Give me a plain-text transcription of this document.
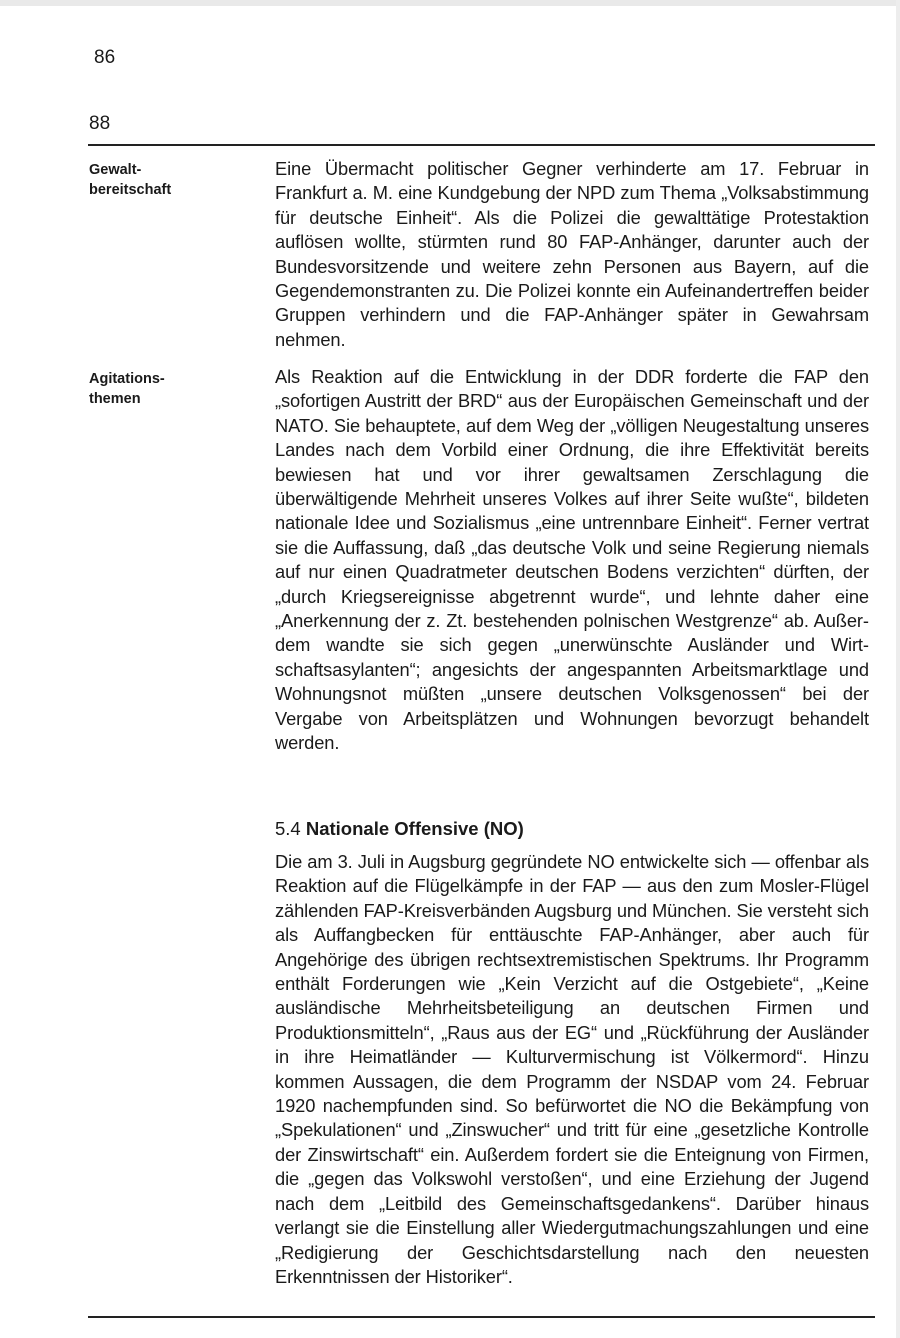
86
88
Gewalt-
bereitschaft
Agitations-
themen

Eine Übermacht politischer Gegner verhinderte am 17. Februar in Frankfurt a. M. eine Kundgebung der NPD zum Thema „Volksabstimmung für deutsche Einheit“. Als die Polizei die gewalttätige Protestaktion auflösen wollte, stürmten rund 80 FAP-Anhänger, darunter auch der Bundesvorsitzende und weitere zehn Personen aus Bayern, auf die Gegendemonstranten zu. Die Polizei konnte ein Aufeinandertreffen beider Gruppen verhindern und die FAP-Anhänger später in Gewahrsam nehmen.

Als Reaktion auf die Entwicklung in der DDR forderte die FAP den „sofortigen Austritt der BRD“ aus der Europäischen Gemeinschaft und der NATO. Sie behauptete, auf dem Weg der „völligen Neugestaltung unseres Landes nach dem Vorbild einer Ordnung, die ihre Effektivität bereits bewiesen hat und vor ihrer gewaltsamen Zerschlagung die überwältigende Mehrheit unseres Volkes auf ihrer Seite wußte“, bildeten nationale Idee und Sozialismus „eine untrennbare Einheit“. Ferner vertrat sie die Auffassung, daß „das deutsche Volk und seine Regierung niemals auf nur einen Quadratmeter deutschen Bodens verzichten“ dürften, der „durch Kriegsereignisse abgetrennt wurde“, und lehnte daher eine „Anerkennung der z. Zt. bestehenden polnischen Westgrenze“ ab. Außerdem wandte sie sich gegen „unerwünschte Ausländer und Wirtschaftsasylanten“; angesichts der angespannten Arbeitsmarktlage und Wohnungsnot müßten „unsere deutschen Volksgenossen“ bei der Vergabe von Arbeitsplätzen und Wohnungen bevorzugt behandelt werden.

5.4 Nationale Offensive (NO)

Die am 3. Juli in Augsburg gegründete NO entwickelte sich — offenbar als Reaktion auf die Flügelkämpfe in der FAP — aus den zum Mosler-Flügel zählenden FAP-Kreisverbänden Augsburg und München. Sie versteht sich als Auffangbecken für enttäuschte FAP-Anhänger, aber auch für Angehörige des übrigen rechtsextremistischen Spektrums. Ihr Programm enthält Forderungen wie „Kein Verzicht auf die Ostgebiete“, „Keine ausländische Mehrheitsbeteiligung an deutschen Firmen und Produktionsmitteln“, „Raus aus der EG“ und „Rückführung der Ausländer in ihre Heimatländer — Kulturvermischung ist Völkermord“. Hinzu kommen Aussagen, die dem Programm der NSDAP vom 24. Februar 1920 nachempfunden sind. So befürwortet die NO die Bekämpfung von „Spekulationen“ und „Zinswucher“ und tritt für eine „gesetzliche Kontrolle der Zinswirtschaft“ ein. Außerdem fordert sie die Enteignung von Firmen, die „gegen das Volkswohl verstoßen“, und eine Erziehung der Jugend nach dem „Leitbild des Gemeinschaftsgedankens“. Darüber hinaus verlangt sie die Einstellung aller Wiedergutmachungszahlungen und eine „Redigierung der Geschichtsdarstellung nach den neuesten Erkenntnissen der Historiker“.
